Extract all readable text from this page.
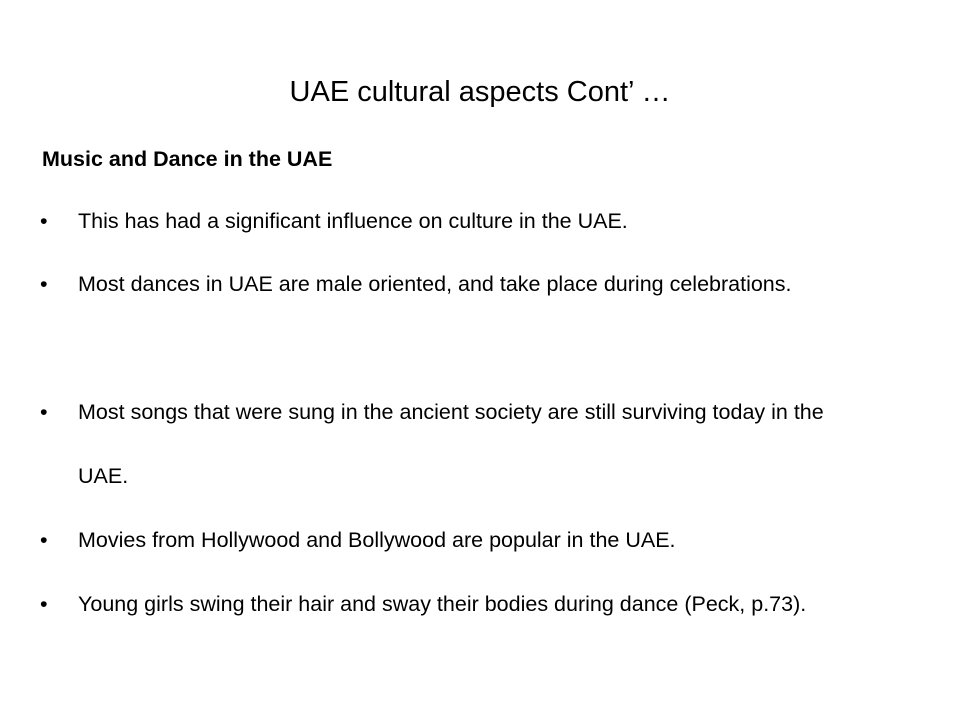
UAE cultural aspects Cont’ …
Music and Dance in the UAE
• This has had a significant influence on culture in the UAE.
• Most dances in UAE are male oriented, and take place during celebrations.
• Most songs that were sung in the ancient society are still surviving today in the UAE.
• Movies from Hollywood and Bollywood are popular in the UAE.
• Young girls swing their hair and sway their bodies during dance (Peck, p.73).
